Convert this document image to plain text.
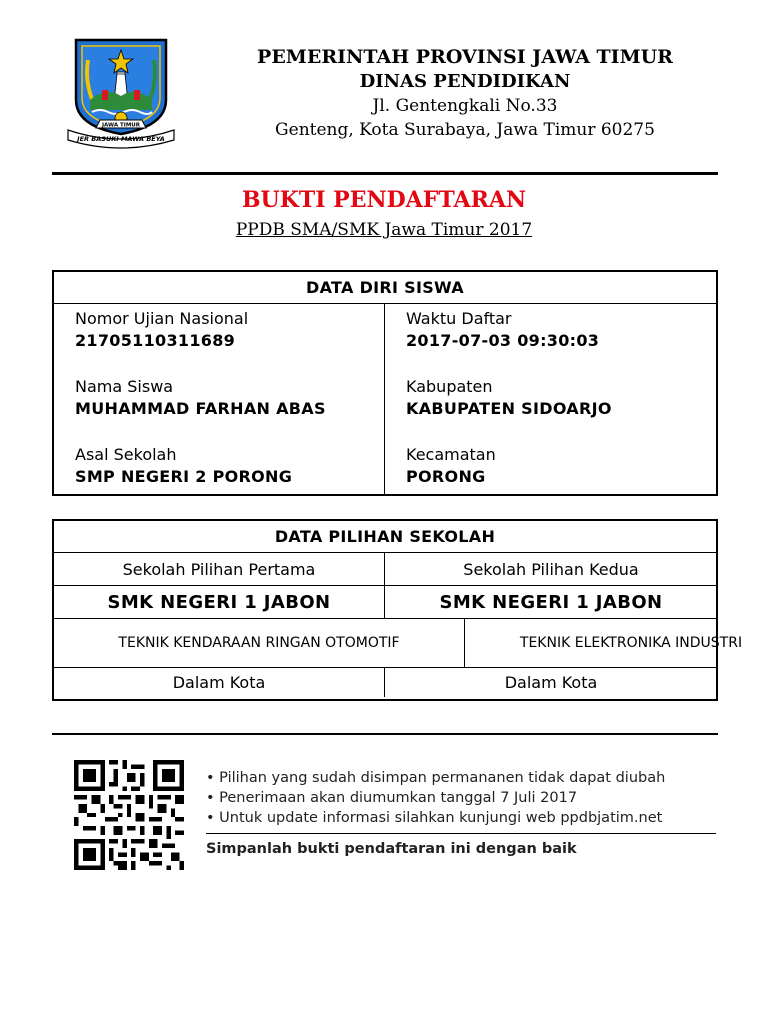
JAWA TIMUR
JER BASUKI MAWA BEYA
PEMERINTAH PROVINSI JAWA TIMUR
DINAS PENDIDIKAN
Jl. Gentengkali No.33
Genteng, Kota Surabaya, Jawa Timur 60275
BUKTI PENDAFTARAN
PPDB SMA/SMK Jawa Timur 2017
DATA DIRI SISWA
Nomor Ujian Nasional
21705110311689
Nama Siswa
MUHAMMAD FARHAN ABAS
Asal Sekolah
SMP NEGERI 2 PORONG
Waktu Daftar
2017-07-03 09:30:03
Kabupaten
KABUPATEN SIDOARJO
Kecamatan
PORONG
DATA PILIHAN SEKOLAH
Sekolah Pilihan Pertama	Sekolah Pilihan Kedua
SMK NEGERI 1 JABON	SMK NEGERI 1 JABON
TEKNIK KENDARAAN RINGAN OTOMOTIF	TEKNIK ELEKTRONIKA INDUSTRI
Dalam Kota	Dalam Kota
• Pilihan yang sudah disimpan permananen tidak dapat diubah
• Penerimaan akan diumumkan tanggal 7 Juli 2017
• Untuk update informasi silahkan kunjungi web ppdbjatim.net
Simpanlah bukti pendaftaran ini dengan baik
